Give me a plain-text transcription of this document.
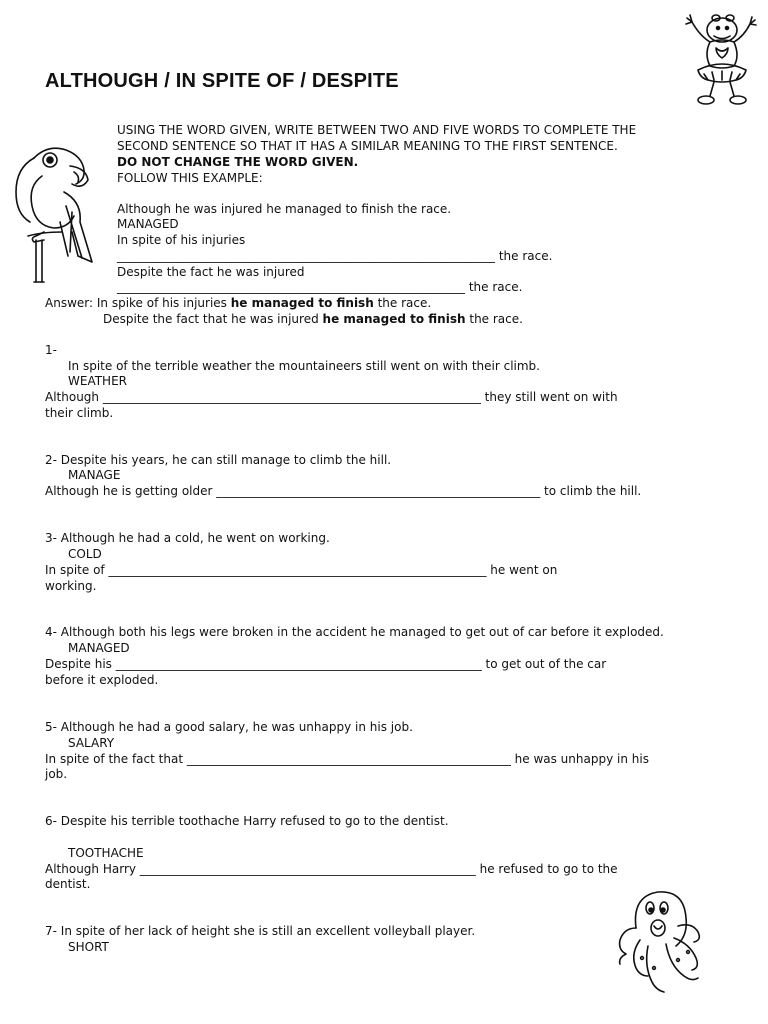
ALTHOUGH / IN SPITE OF / DESPITE
USING THE WORD GIVEN, WRITE BETWEEN TWO AND FIVE WORDS TO COMPLETE THE
SECOND SENTENCE SO THAT IT HAS A SIMILAR MEANING TO THE FIRST SENTENCE.
DO NOT CHANGE THE WORD GIVEN.
FOLLOW THIS EXAMPLE:
Although he was injured he managed to finish the race.
MANAGED
In spite of his injuries
_______________________________________________________________ the race.
Despite the fact he was injured
__________________________________________________________ the race.
Answer: In spike of his injuries he managed to finish the race.
Despite the fact that he was injured he managed to finish the race.
1-
In spite of the terrible weather the mountaineers still went on with their climb.
WEATHER
Although _______________________________________________________________ they still went on with
their climb.
2- Despite his years, he can still manage to climb the hill.
MANAGE
Although he is getting older ______________________________________________________ to climb the hill.
3- Although he had a cold, he went on working.
COLD
In spite of _______________________________________________________________ he went on
working.
4- Although both his legs were broken in the accident he managed to get out of car before it exploded.
MANAGED
Despite his _____________________________________________________________ to get out of the car
before it exploded.
5- Although he had a good salary, he was unhappy in his job.
SALARY
In spite of the fact that ______________________________________________________ he was unhappy in his
job.
6- Despite his terrible toothache Harry refused to go to the dentist.
TOOTHACHE
Although Harry ________________________________________________________ he refused to go to the
dentist.
7- In spite of her lack of height she is still an excellent volleyball player.
SHORT
